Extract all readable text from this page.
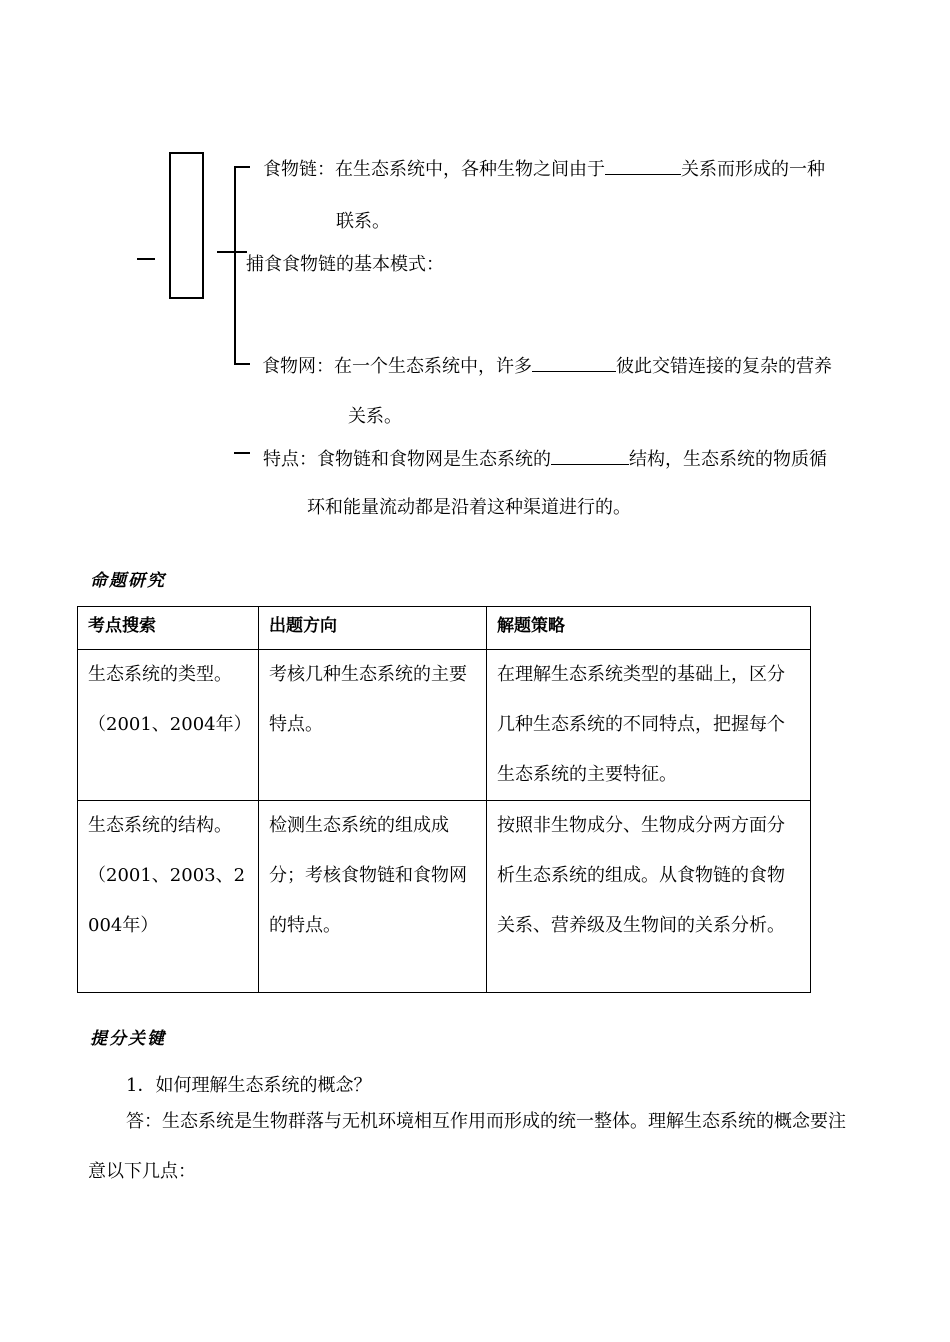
食物链：在生态系统中，各种生物之间由于	关系而形成的一种
联系。
捕食食物链的基本模式：
食物网：在一个生态系统中，许多	彼此交错连接的复杂的营养
关系。
特点：食物链和食物网是生态系统的	结构，生态系统的物质循
环和能量流动都是沿着这种渠道进行的。
命题研究
考点搜索	出题方向	解题策略
生态系统的类型。（2001、2004年）	考核几种生态系统的主要特点。	在理解生态系统类型的基础上，区分几种生态系统的不同特点，把握每个生态系统的主要特征。
生态系统的结构。（2001、2003、2004年）	检测生态系统的组成成分；考核食物链和食物网的特点。	按照非生物成分、生物成分两方面分析生态系统的组成。从食物链的食物关系、营养级及生物间的关系分析。
提分关键
1．如何理解生态系统的概念？
答：生态系统是生物群落与无机环境相互作用而形成的统一整体。理解生态系统的概念要注意以下几点：
